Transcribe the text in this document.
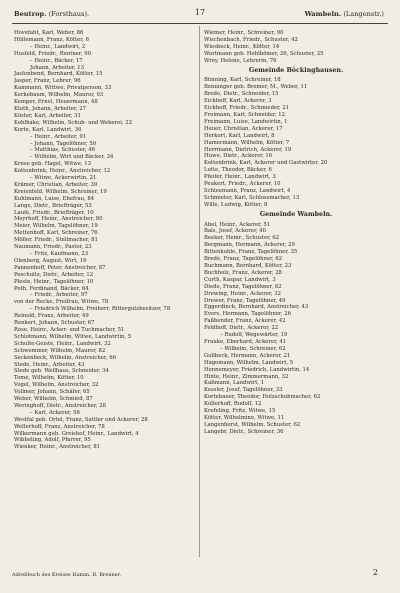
Beutrop. (Forsthaus).	17	Wambeln. (Langenstr.)
Hovefaht, Karl, Weber, 86
Hüllemann, Franz, Kötter, 6
– Heinr., Landwirt, 2
Husfeld, Friedr., Rentner, 90
– Heinr., Bäcker, 17
Johann, Arbeiter, 13
Jasfenbend, Bernhard, Kötter, 15
Jasper, Franz, Lehrer, 96
Kammann, Wittwe, Privatperson, 33
Kerkebaum, Wilhelm, Maurer, 93
Kemper, Ernst, Heuermann, 48
Kluth, Johann, Arbeiter, 27
Köster, Karl, Arbeiter, 31
Kohlhake, Wilhelm, Schuh- und Weberei, 22
Korte, Karl, Landwirt, 36
– Heinr., Arbeiter, 91
– Johann, Tagelöhner, 50
– Matthias, Schuster, 46
– Wilhelm, Wirt und Bäcker, 34
Kruse geb. Hagel, Witwe, 13
Kottenbrink, Heinr., Anstreicher, 12
– Witwe, Ackerwirtin, 21
Krämer, Christian, Arbeiter, 39
Kreienfeld, Wilhelm, Schreiner, 19
Kuhlmann, Luise, Ehefrau, 84
Lange, Dietr., Briefträger, 53
Laufe, Friedr., Briefträger, 10
Meyrhoff, Heinr., Anstreicher, 80
Meier, Wilhelm, Tagelöhner, 19
Mettenhoff, Karl, Schreiner, 76
Möller, Friedr., Stellmacher, 81
Naumann, Friedr., Pastor, 23
– Fritz, Kaufmann, 23
Olenberg, August, Wirt, 16
Pannenhoff, Peter, Anstreicher, 87
Poschultz, Dietr., Arbeiter, 12
Pleste, Heinr., Tagelöhner, 10
Poth, Ferdinand, Bäcker, 64
– Friedr., Arbeiter, 97
von der Recke, Freifrau, Witwe, 78
– Friedrich Wilhelm, Freiherr, Rittergutsbesitzer, 78
Reinold, Franz, Arbeiter, 49
Renkert, Johann, Schuster, 67
Rose, Heinr., Acker- und Tuchmacher, 51
Schlotmann, Wilhelm, Witwe, Landwirtin, 5
Schulte-Geiste, Heinr., Landwirt, 32
Schwemmer, Wilhelm, Maurer, 82
Seckenbeck, Wilhelm, Anstreicher, 66
Stede, Heinr., Arbeiter, 43
Stede geb. Wellhaus, Schneider, 34
Tomé, Wilhelm, Kötter, 10
Vogel, Wilhelm, Anstreicher, 32
Vollmer, Johann, Schäfer, 65
Weber, Wilhelm, Schmied, 87
Weringhoff, Dietr., Anstreicher, 28
– Karl, Ackerer, 56
Westfal geb. Ortel, Franz, Sattler und Ackerer, 28
Wellerhoff, Franz, Anstreicher, 78
Wilkermann geb. Greishof, Heinr., Landwirt, 4
Wibbeling, Adolf, Pfarrer, 95
Wienker, Heinr., Anstreicher, 81
Wiemer, Heinr., Schreiner, 90
Wischenbach, Friedr., Schuster, 42
Wiesbeck, Heinr., Kötter, 14
Wortmann geb. Hohlbömer, 26, Schuster, 25
Wrey, Helene, Lehrerin, 76
Gemeinde Böckinghausen.
Bünning, Karl, Schreiner, 18
Benninger geb. Bremer, M., Weber, 11
Brede, Dietr., Schneider, 15
Eickhoff, Karl, Ackerer, 3
Eickhoff, Friedr., Schmieder, 21
Freimann, Karl, Schneider, 12
Freimann, Luise, Landwirtin, 1
Heuer, Christian, Ackerer, 17
Herkort, Karl, Landwirt, 8
Hamermann, Wilhelm, Kötter, 7
Herrmann, Dietrich, Ackerer, 19
Huwe, Dietr., Ackerer, 16
Kottenbrink, Karl, Ackerer und Gastwirter, 20
Lutte, Theodor, Bäcker, 6
Pfeifer, Heinr., Landwirt, 3
Peukert, Friedr., Ackerer, 10
Schleemann, Franz, Landwirt, 4
Schmieter, Karl, Schlossmacher, 13
Wille, Ludwig, Kötter, 8
Gemeinde Wambeln.
Abel, Heinr., Ackerer, 51
Bals, Josef, Ackerer, 40
Beeker, Heinr., Schuster, 62
Bergmann, Hermann, Ackerer, 29
Bittenkuhle, Franz, Tagelöhner, 35
Brede, Franz, Tagelöhner, 62
Buchmann, Bernhard, Kötter, 23
Buchholz, Franz, Ackerer, 28
Curth, Kaspar, Landwirt, 3
Diede, Franz, Tagelöhner, 62
Drewing, Heinr., Ackerer, 32
Drewer, Franz, Tagelöhner, 49
Eggerdinck, Bernhard, Anstreicher, 43
Evers, Hermann, Tagelöhner, 26
Faßbender, Franz, Ackerer, 42
Feldhoff, Dietr., Ackerer, 22
– Rudolf, Wegewärter, 19
Frauke, Eberhard, Ackerer, 41
– Wilhelm, Schreiner, 62
Gollbeck, Hermann, Ackerer, 21
Hagemann, Wilhelm, Landwirt, 5
Hennemeyer, Friedrich, Landwirtin, 14
Hinte, Heinr., Zimmermann, 32
Kaßmann, Landwirt, 1
Kessler, Josef, Tagelöhner, 33
Kortebauer, Theodor, Holzschuhmacher, 62
Kullerhoff, Rudolf, 12
Krefeling, Fritz, Witwe, 15
Kötter, Wilhelmine, Witwe, 11
Langenhorst, Wilhelm, Schuster, 62
Langebr, Dietr., Schreiner, 36
Adreßbuch des Kreises Hamm. D. Brenner.	2
